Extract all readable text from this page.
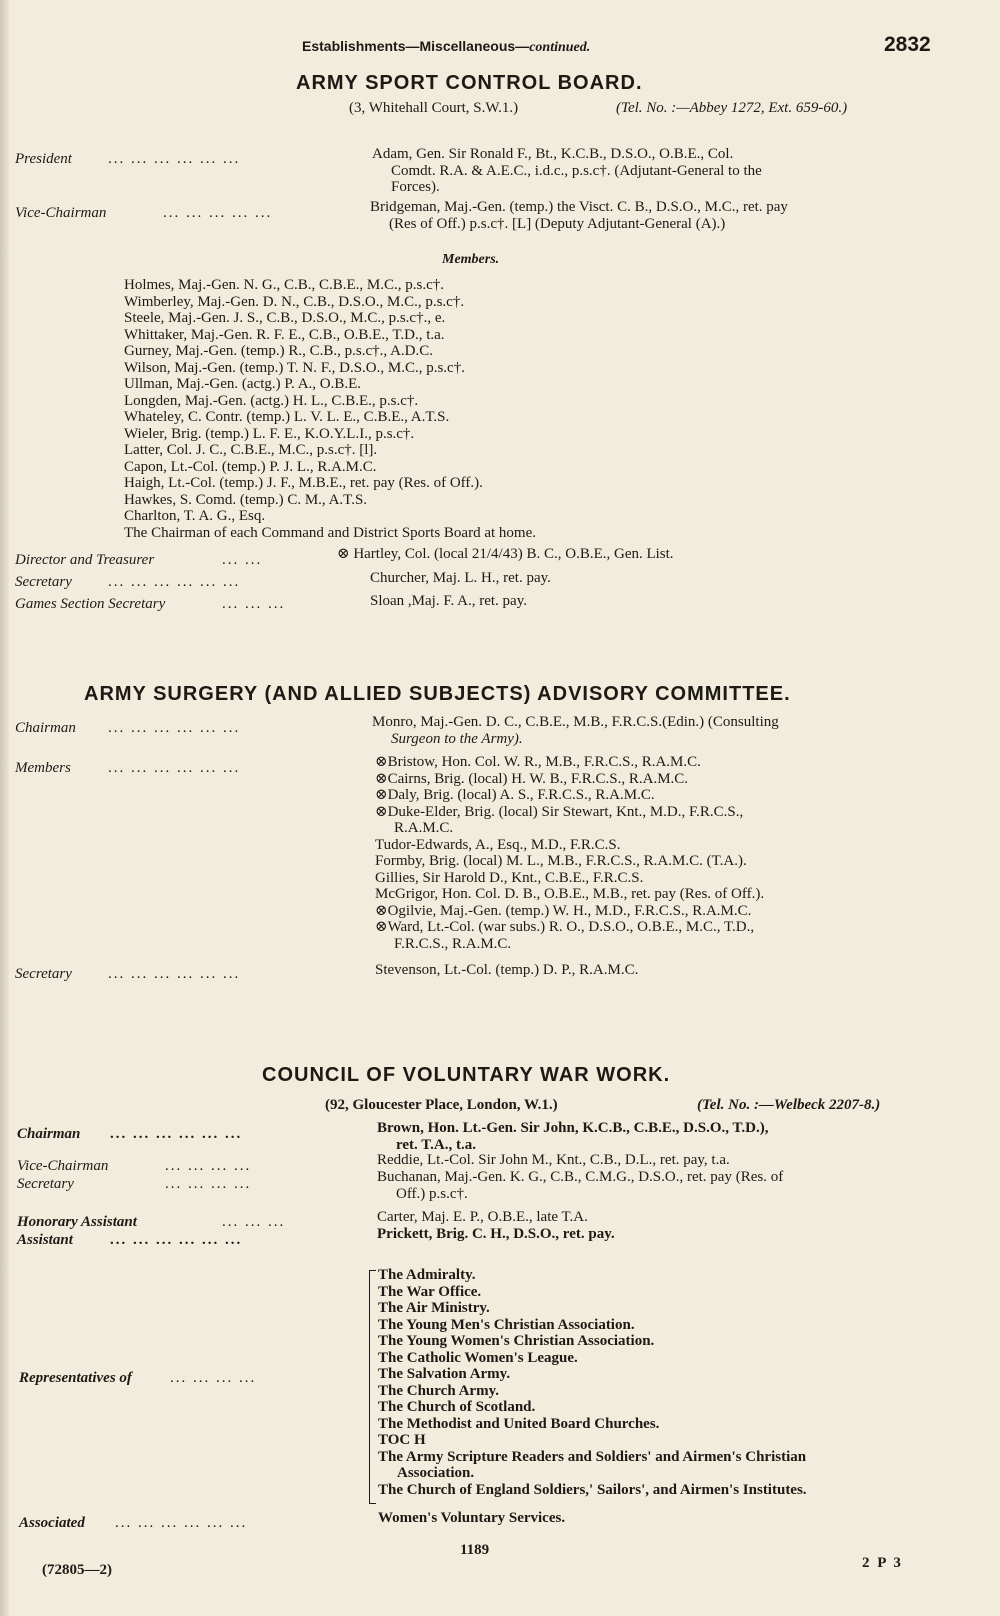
Establishments—Miscellaneous—continued.	2832
ARMY SPORT CONTROL BOARD.
(3, Whitehall Court, S.W.1.)	(Tel. No. :—Abbey 1272, Ext. 659-60.)
President ... ... ... ... ... ...	Adam, Gen. Sir Ronald F., Bt., K.C.B., D.S.O., O.B.E., Col.
Comdt. R.A. & A.E.C., i.d.c., p.s.c†. (Adjutant-General to the
Forces).
Vice-Chairman	... ... ... ... ...	Bridgeman, Maj.-Gen. (temp.) the Visct. C. B., D.S.O., M.C., ret. pay
(Res of Off.) p.s.c†. [L] (Deputy Adjutant-General (A).)
Members.
Holmes, Maj.-Gen. N. G., C.B., C.B.E., M.C., p.s.c†.
Wimberley, Maj.-Gen. D. N., C.B., D.S.O., M.C., p.s.c†.
Steele, Maj.-Gen. J. S., C.B., D.S.O., M.C., p.s.c†., e.
Whittaker, Maj.-Gen. R. F. E., C.B., O.B.E., T.D., t.a.
Gurney, Maj.-Gen. (temp.) R., C.B., p.s.c†., A.D.C.
Wilson, Maj.-Gen. (temp.) T. N. F., D.S.O., M.C., p.s.c†.
Ullman, Maj.-Gen. (actg.) P. A., O.B.E.
Longden, Maj.-Gen. (actg.) H. L., C.B.E., p.s.c†.
Whateley, C. Contr. (temp.) L. V. L. E., C.B.E., A.T.S.
Wieler, Brig. (temp.) L. F. E., K.O.Y.L.I., p.s.c†.
Latter, Col. J. C., C.B.E., M.C., p.s.c†. [l].
Capon, Lt.-Col. (temp.) P. J. L., R.A.M.C.
Haigh, Lt.-Col. (temp.) J. F., M.B.E., ret. pay (Res. of Off.).
Hawkes, S. Comd. (temp.) C. M., A.T.S.
Charlton, T. A. G., Esq.
The Chairman of each Command and District Sports Board at home.
Director and Treasurer	... ...	⊗ Hartley, Col. (local 21/4/43) B. C., O.B.E., Gen. List.
Secretary ... ... ... ... ... ...	Churcher, Maj. L. H., ret. pay.
Games Section Secretary	... ... ...	Sloan ,Maj. F. A., ret. pay.
ARMY SURGERY (AND ALLIED SUBJECTS) ADVISORY COMMITTEE.
Chairman ... ... ... ... ... ...	Monro, Maj.-Gen. D. C., C.B.E., M.B., F.R.C.S.(Edin.) (Consulting
Surgeon to the Army).
Members ... ... ... ... ... ...	⊗Bristow, Hon. Col. W. R., M.B., F.R.C.S., R.A.M.C.
⊗Cairns, Brig. (local) H. W. B., F.R.C.S., R.A.M.C.
⊗Daly, Brig. (local) A. S., F.R.C.S., R.A.M.C.
⊗Duke-Elder, Brig. (local) Sir Stewart, Knt., M.D., F.R.C.S.,
R.A.M.C.
Tudor-Edwards, A., Esq., M.D., F.R.C.S.
Formby, Brig. (local) M. L., M.B., F.R.C.S., R.A.M.C. (T.A.).
Gillies, Sir Harold D., Knt., C.B.E., F.R.C.S.
McGrigor, Hon. Col. D. B., O.B.E., M.B., ret. pay (Res. of Off.).
⊗Ogilvie, Maj.-Gen. (temp.) W. H., M.D., F.R.C.S., R.A.M.C.
⊗Ward, Lt.-Col. (war subs.) R. O., D.S.O., O.B.E., M.C., T.D.,
F.R.C.S., R.A.M.C.
Secretary ... ... ... ... ... ...	Stevenson, Lt.-Col. (temp.) D. P., R.A.M.C.
COUNCIL OF VOLUNTARY WAR WORK.
(92, Gloucester Place, London, W.1.)	(Tel. No. :—Welbeck 2207-8.)
Chairman ... ... ... ... ... ...	Brown, Hon. Lt.-Gen. Sir John, K.C.B., C.B.E., D.S.O., T.D.),
ret. T.A., t.a.
Vice-Chairman	... ... ... ...	Reddie, Lt.-Col. Sir John M., Knt., C.B., D.L., ret. pay, t.a.
Secretary	... ... ... ...	Buchanan, Maj.-Gen. K. G., C.B., C.M.G., D.S.O., ret. pay (Res. of
Off.) p.s.c†.
Honorary Assistant	... ... ...	Carter, Maj. E. P., O.B.E., late T.A.
Assistant ... ... ... ... ... ...	Prickett, Brig. C. H., D.S.O., ret. pay.
Representatives of	... ... ... ...
The Admiralty.
The War Office.
The Air Ministry.
The Young Men's Christian Association.
The Young Women's Christian Association.
The Catholic Women's League.
The Salvation Army.
The Church Army.
The Church of Scotland.
The Methodist and United Board Churches.
TOC H
The Army Scripture Readers and Soldiers' and Airmen's Christian
Association.
The Church of England Soldiers,' Sailors', and Airmen's Institutes.
Associated ... ... ... ... ... ...	Women's Voluntary Services.
1189
(72805—2)	2 P 3
